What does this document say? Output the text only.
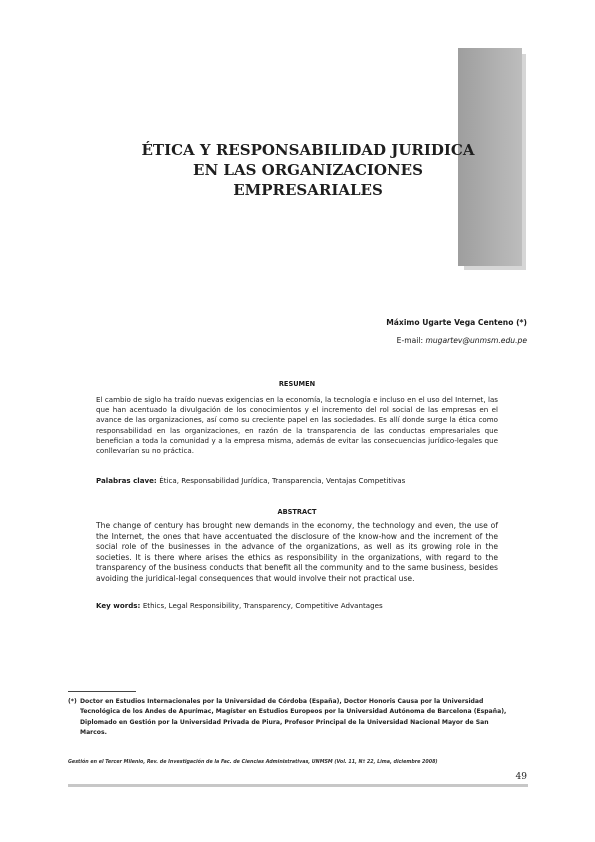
ÉTICA Y RESPONSABILIDAD JURIDICA
EN LAS ORGANIZACIONES
EMPRESARIALES
Máximo Ugarte Vega Centeno (*)
E-mail: mugartev@unmsm.edu.pe
RESUMEN
El cambio de siglo ha traído nuevas exigencias en la economía, la tecnología e incluso en el uso del Internet, las que han acentuado la divulgación de los conocimientos y el incremento del rol social de las empresas en el avance de las organizaciones, así como su creciente papel en las sociedades. Es allí donde surge la ética como responsabilidad en las organizaciones, en razón de la transparencia de las conductas empresariales que benefician a toda la comunidad y a la empresa misma, además de evitar las consecuencias jurídico-legales que conllevarían su no práctica.
Palabras clave: Ética, Responsabilidad Jurídica, Transparencia, Ventajas Competitivas
ABSTRACT
The change of century has brought new demands in the economy, the technology and even, the use of the Internet, the ones that have accentuated the disclosure of the know-how and the increment of the social role of the businesses in the advance of the organizations, as well as its growing role in the societies. It is there where arises the ethics as responsibility in the organizations, with regard to the transparency of the business conducts that benefit all the community and to the same business, besides avoiding the juridical-legal consequences that would involve their not practical use.
Key words: Ethics, Legal Responsibility, Transparency, Competitive Advantages
(*) Doctor en Estudios Internacionales por la Universidad de Córdoba (España), Doctor Honoris Causa por la Universidad
Tecnológica de los Andes de Apurímac, Magíster en Estudios Europeos por la Universidad Autónoma de Barcelona (España),
Diplomado en Gestión por la Universidad Privada de Piura, Profesor Principal de la Universidad Nacional Mayor de San
Marcos.
Gestión en el Tercer Milenio, Rev. de Investigación de la Fac. de Ciencias Administrativas, UNMSM (Vol. 11, Nº 22, Lima, diciembre 2008)
49
